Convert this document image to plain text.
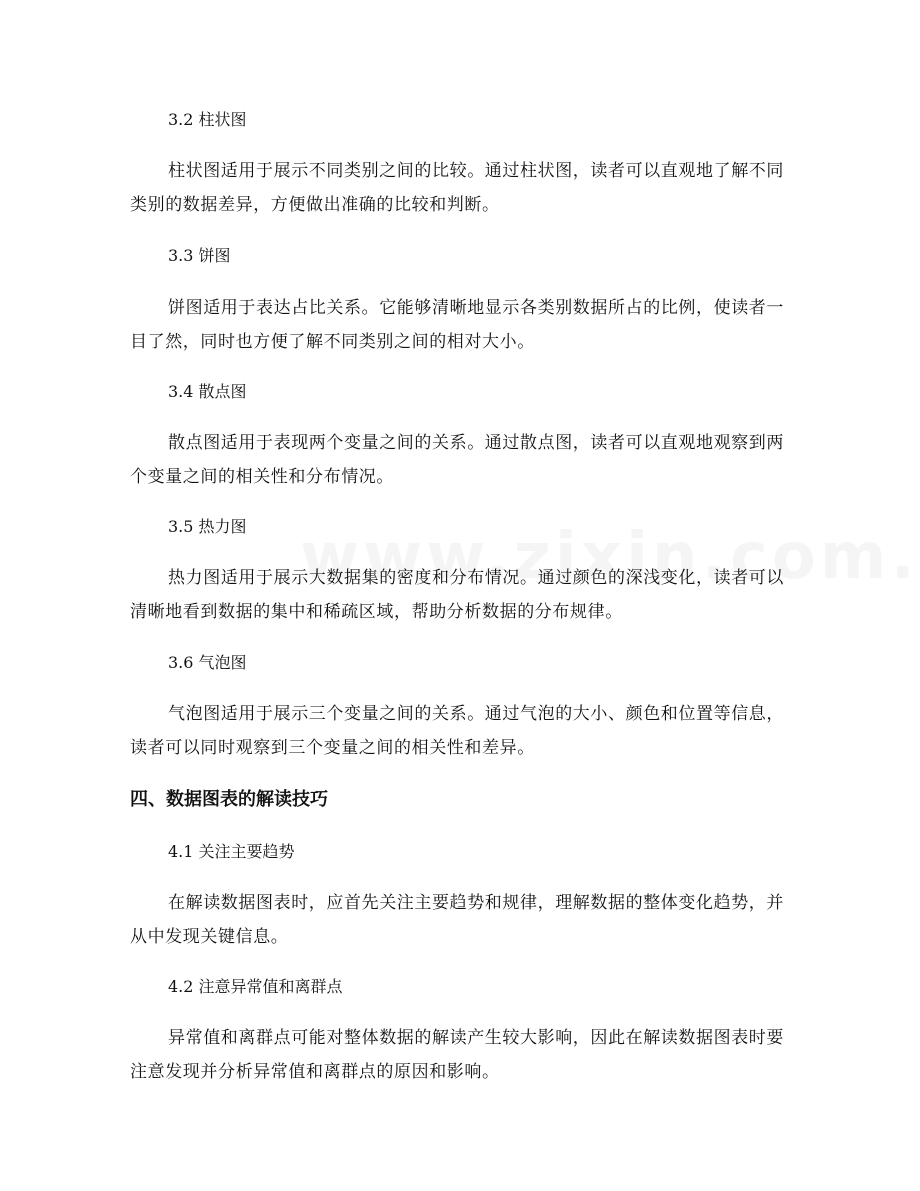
3.2 柱状图
柱状图适用于展示不同类别之间的比较。通过柱状图，读者可以直观地了解不同类别的数据差异，方便做出准确的比较和判断。
3.3 饼图
饼图适用于表达占比关系。它能够清晰地显示各类别数据所占的比例，使读者一目了然，同时也方便了解不同类别之间的相对大小。
3.4 散点图
散点图适用于表现两个变量之间的关系。通过散点图，读者可以直观地观察到两个变量之间的相关性和分布情况。
3.5 热力图
热力图适用于展示大数据集的密度和分布情况。通过颜色的深浅变化，读者可以清晰地看到数据的集中和稀疏区域，帮助分析数据的分布规律。
3.6 气泡图
气泡图适用于展示三个变量之间的关系。通过气泡的大小、颜色和位置等信息，读者可以同时观察到三个变量之间的相关性和差异。
四、数据图表的解读技巧
4.1 关注主要趋势
在解读数据图表时，应首先关注主要趋势和规律，理解数据的整体变化趋势，并从中发现关键信息。
4.2 注意异常值和离群点
异常值和离群点可能对整体数据的解读产生较大影响，因此在解读数据图表时要注意发现并分析异常值和离群点的原因和影响。
